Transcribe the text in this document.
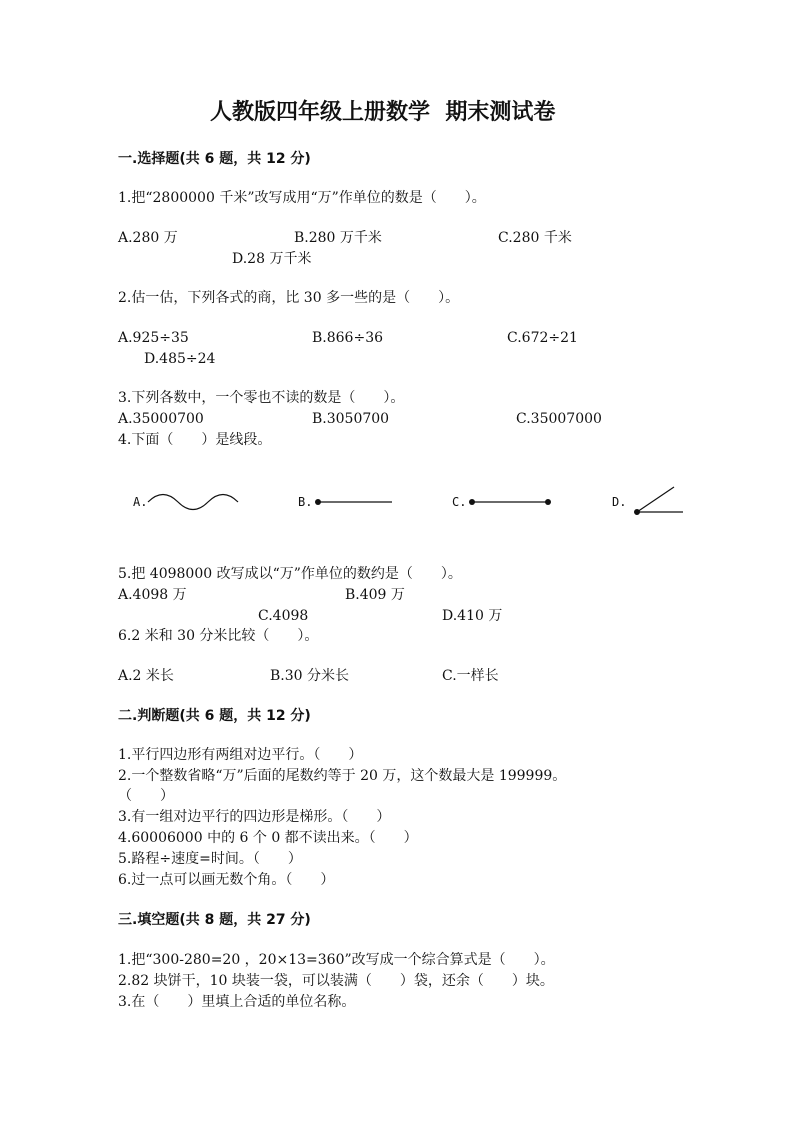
人教版四年级上册数学  期末测试卷
一.选择题(共 6 题，共 12 分)
1.把“2800000 千米”改写成用“万”作单位的数是（　　）。
A.280 万	B.280 万千米	C.280 千米
D.28 万千米
2.估一估，下列各式的商，比 30 多一些的是（　　）。
A.925÷35	B.866÷36	C.672÷21
D.485÷24
3.下列各数中，一个零也不读的数是（　　）。
A.35000700	B.3050700	C.35007000
4.下面（　　）是线段。
A.	B.	C.	D.
5.把 4098000 改写成以“万”作单位的数约是（　　）。
A.4098 万	B.409 万
C.4098	D.410 万
6.2 米和 30 分米比较（　　）。
A.2 米长	B.30 分米长	C.一样长
二.判断题(共 6 题，共 12 分)
1.平行四边形有两组对边平行。（　　）
2.一个整数省略“万”后面的尾数约等于 20 万，这个数最大是 199999。
（　　）
3.有一组对边平行的四边形是梯形。（　　）
4.60006000 中的 6 个 0 都不读出来。（　　）
5.路程÷速度=时间。（　　）
6.过一点可以画无数个角。（　　）
三.填空题(共 8 题，共 27 分)
1.把“300-280=20 ，20×13=360”改写成一个综合算式是（　　）。
2.82 块饼干，10 块装一袋，可以装满（　　）袋，还余（　　）块。
3.在（　　）里填上合适的单位名称。
